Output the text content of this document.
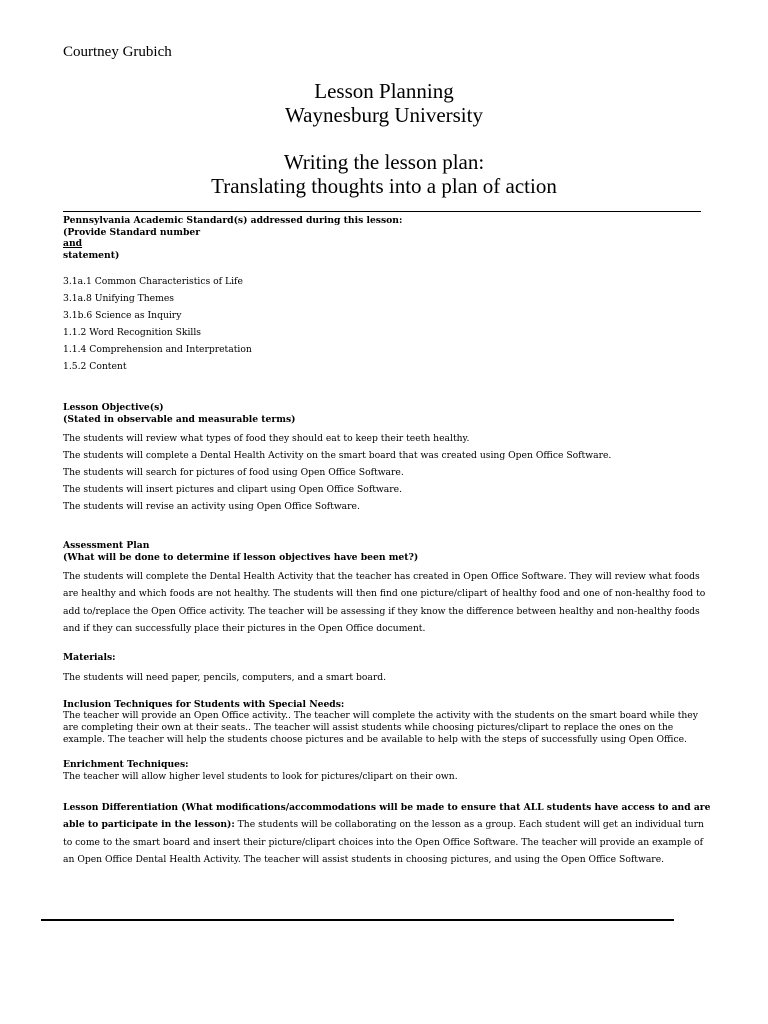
Courtney Grubich
Lesson Planning
Waynesburg University
Writing the lesson plan:
Translating thoughts into a plan of action
Pennsylvania Academic Standard(s) addressed during this lesson:
(Provide Standard number
and
statement)
3.1a.1 Common Characteristics of Life
3.1a.8 Unifying Themes
3.1b.6 Science as Inquiry
1.1.2 Word Recognition Skills
1.1.4 Comprehension and Interpretation
1.5.2 Content
Lesson Objective(s)
(Stated in observable and measurable terms)
The students will review what types of food they should eat to keep their teeth healthy.
The students will complete a Dental Health Activity on the smart board that was created using Open Office Software.
The students will search for pictures of food using Open Office Software.
The students will insert pictures and clipart using Open Office Software.
The students will revise an activity using Open Office Software.
Assessment Plan
(What will be done to determine if lesson objectives have been met?)
The students will complete the Dental Health Activity that the teacher has created in Open Office Software. They will review what foods are healthy and which foods are not healthy. The students will then find one picture/clipart of healthy food and one of non-healthy food to add to/replace the Open Office activity. The teacher will be assessing if they know the difference between healthy and non-healthy foods and if they can successfully place their pictures in the Open Office document.
Materials:
The students will need paper, pencils, computers, and a smart board.
Inclusion Techniques for Students with Special Needs:
The teacher will provide an Open Office activity.. The teacher will complete the activity with the students on the smart board while they are completing their own at their seats.. The teacher will assist students while choosing pictures/clipart to replace the ones on the example. The teacher will help the students choose pictures and be available to help with the steps of successfully using Open Office.
Enrichment Techniques:
The teacher will allow higher level students to look for pictures/clipart on their own.
Lesson Differentiation (What modifications/accommodations will be made to ensure that ALL students have access to and are able to participate in the lesson): The students will be collaborating on the lesson as a group. Each student will get an individual turn to come to the smart board and insert their picture/clipart choices into the Open Office Software. The teacher will provide an example of an Open Office Dental Health Activity. The teacher will assist students in choosing pictures, and using the Open Office Software.
